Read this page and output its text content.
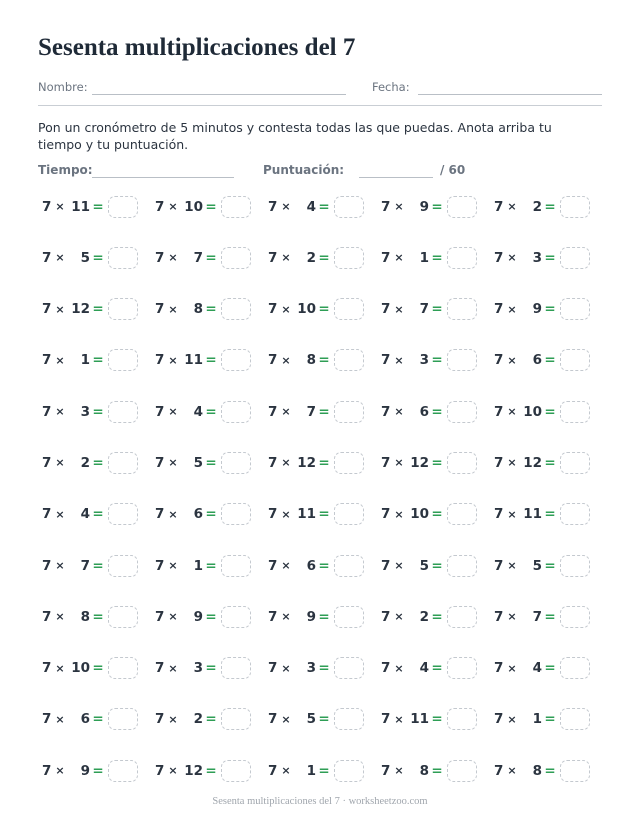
Sesenta multiplicaciones del 7
Nombre:	Fecha:

Pon un cronómetro de 5 minutos y contesta todas las que puedas. Anota arriba tu tiempo y tu puntuación.

Tiempo:	Puntuación:	/ 60
7 × 11 =	7 × 10 =	7 ×	4 =	7 ×	9 =	7 ×	2 =
7 ×	5 =	7 ×	7 =	7 ×	2 =	7 ×	1 =	7 ×	3 =
7 × 12 =	7 ×	8 =	7 × 10 =	7 ×	7 =	7 ×	9 =
7 ×	1 =	7 × 11 =	7 ×	8 =	7 ×	3 =	7 ×	6 =
7 ×	3 =	7 ×	4 =	7 ×	7 =	7 ×	6 =	7 × 10 =
7 ×	2 =	7 ×	5 =	7 × 12 =	7 × 12 =	7 × 12 =
7 ×	4 =	7 ×	6 =	7 × 11 =	7 × 10 =	7 × 11 =
7 ×	7 =	7 ×	1 =	7 ×	6 =	7 ×	5 =	7 ×	5 =
7 ×	8 =	7 ×	9 =	7 ×	9 =	7 ×	2 =	7 ×	7 =
7 × 10 =	7 ×	3 =	7 ×	3 =	7 ×	4 =	7 ×	4 =
7 ×	6 =	7 ×	2 =	7 ×	5 =	7 × 11 =	7 ×	1 =
7 ×	9 =	7 × 12 =	7 ×	1 =	7 ×	8 =	7 ×	8 =
Sesenta multiplicaciones del 7 · worksheetzoo.com
